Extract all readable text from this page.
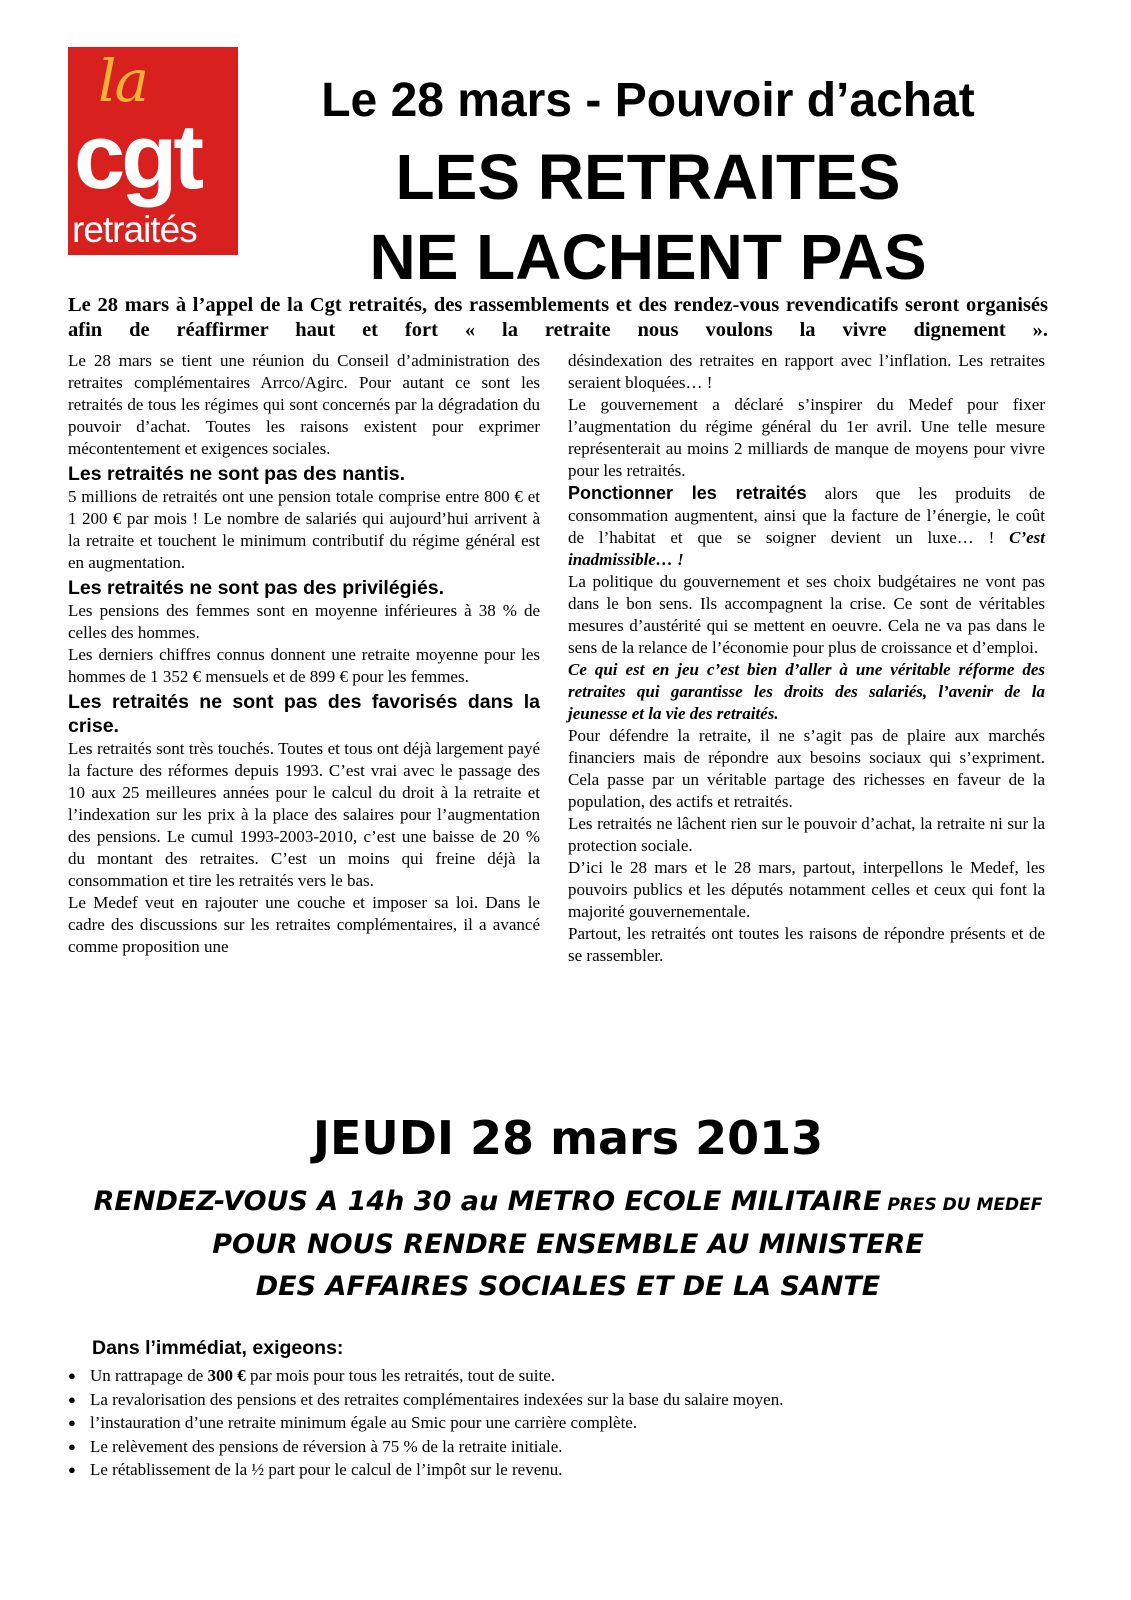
la
cgt
retraités
Le 28 mars - Pouvoir d’achat
LES RETRAITES
NE LACHENT PAS
Le 28 mars à l’appel de la Cgt retraités, des rassemblements et des rendez-vous revendicatifs seront organisés afin de réaffirmer haut et fort « la retraite nous voulons la vivre dignement ».

Le 28 mars se tient une réunion du Conseil d’administration des retraites complémentaires Arrco/Agirc. Pour autant ce sont les retraités de tous les régimes qui sont concernés par la dégradation du pouvoir d’achat. Toutes les raisons existent pour exprimer mécontentement et exigences sociales.

Les retraités ne sont pas des nantis.

5 millions de retraités ont une pension totale comprise entre 800 € et 1 200 € par mois ! Le nombre de salariés qui aujourd’hui arrivent à la retraite et touchent le minimum contributif du régime général est en augmentation.

Les retraités ne sont pas des privilégiés.

Les pensions des femmes sont en moyenne inférieures à 38 % de celles des hommes.

Les derniers chiffres connus donnent une retraite moyenne pour les hommes de 1 352 € mensuels et de 899 € pour les femmes.

Les retraités ne sont pas des favorisés dans la crise.

Les retraités sont très touchés. Toutes et tous ont déjà largement payé la facture des réformes depuis 1993. C’est vrai avec le passage des 10 aux 25 meilleures années pour le calcul du droit à la retraite et l’indexation sur les prix à la place des salaires pour l’augmentation des pensions. Le cumul 1993-2003-2010, c’est une baisse de 20 % du montant des retraites. C’est un moins qui freine déjà la consommation et tire les retraités vers le bas.

Le Medef veut en rajouter une couche et imposer sa loi. Dans le cadre des discussions sur les retraites complémentaires, il a avancé comme proposition une

désindexation des retraites en rapport avec l’inflation. Les retraites seraient bloquées… !

Le gouvernement a déclaré s’inspirer du Medef pour fixer l’augmentation du régime général du 1er avril. Une telle mesure représenterait au moins 2 milliards de manque de moyens pour vivre pour les retraités.

Ponctionner les retraités alors que les produits de consommation augmentent, ainsi que la facture de l’énergie, le coût de l’habitat et que se soigner devient un luxe… ! C’est inadmissible… !

La politique du gouvernement et ses choix budgétaires ne vont pas dans le bon sens. Ils accompagnent la crise. Ce sont de véritables mesures d’austérité qui se mettent en oeuvre. Cela ne va pas dans le sens de la relance de l’économie pour plus de croissance et d’emploi.

Ce qui est en jeu c’est bien d’aller à une véritable réforme des retraites qui garantisse les droits des salariés, l’avenir de la jeunesse et la vie des retraités.

Pour défendre la retraite, il ne s’agit pas de plaire aux marchés financiers mais de répondre aux besoins sociaux qui s’expriment. Cela passe par un véritable partage des richesses en faveur de la population, des actifs et retraités.

Les retraités ne lâchent rien sur le pouvoir d’achat, la retraite ni sur la protection sociale.

D’ici le 28 mars et le 28 mars, partout, interpellons le Medef, les pouvoirs publics et les députés notamment celles et ceux qui font la majorité gouvernementale.

Partout, les retraités ont toutes les raisons de répondre présents et de se rassembler.

JEUDI 28 mars 2013
RENDEZ-VOUS A 14h 30 au METRO ECOLE MILITAIRE PRES DU MEDEF
POUR NOUS RENDRE ENSEMBLE AU MINISTERE
DES AFFAIRES SOCIALES ET DE LA SANTE
Dans l’immédiat, exigeons:
● Un rattrapage de 300 € par mois pour tous les retraités, tout de suite.
● La revalorisation des pensions et des retraites complémentaires indexées sur la base du salaire moyen.
● l’instauration d’une retraite minimum égale au Smic pour une carrière complète.
● Le relèvement des pensions de réversion à 75 % de la retraite initiale.
● Le rétablissement de la ½ part pour le calcul de l’impôt sur le revenu.
